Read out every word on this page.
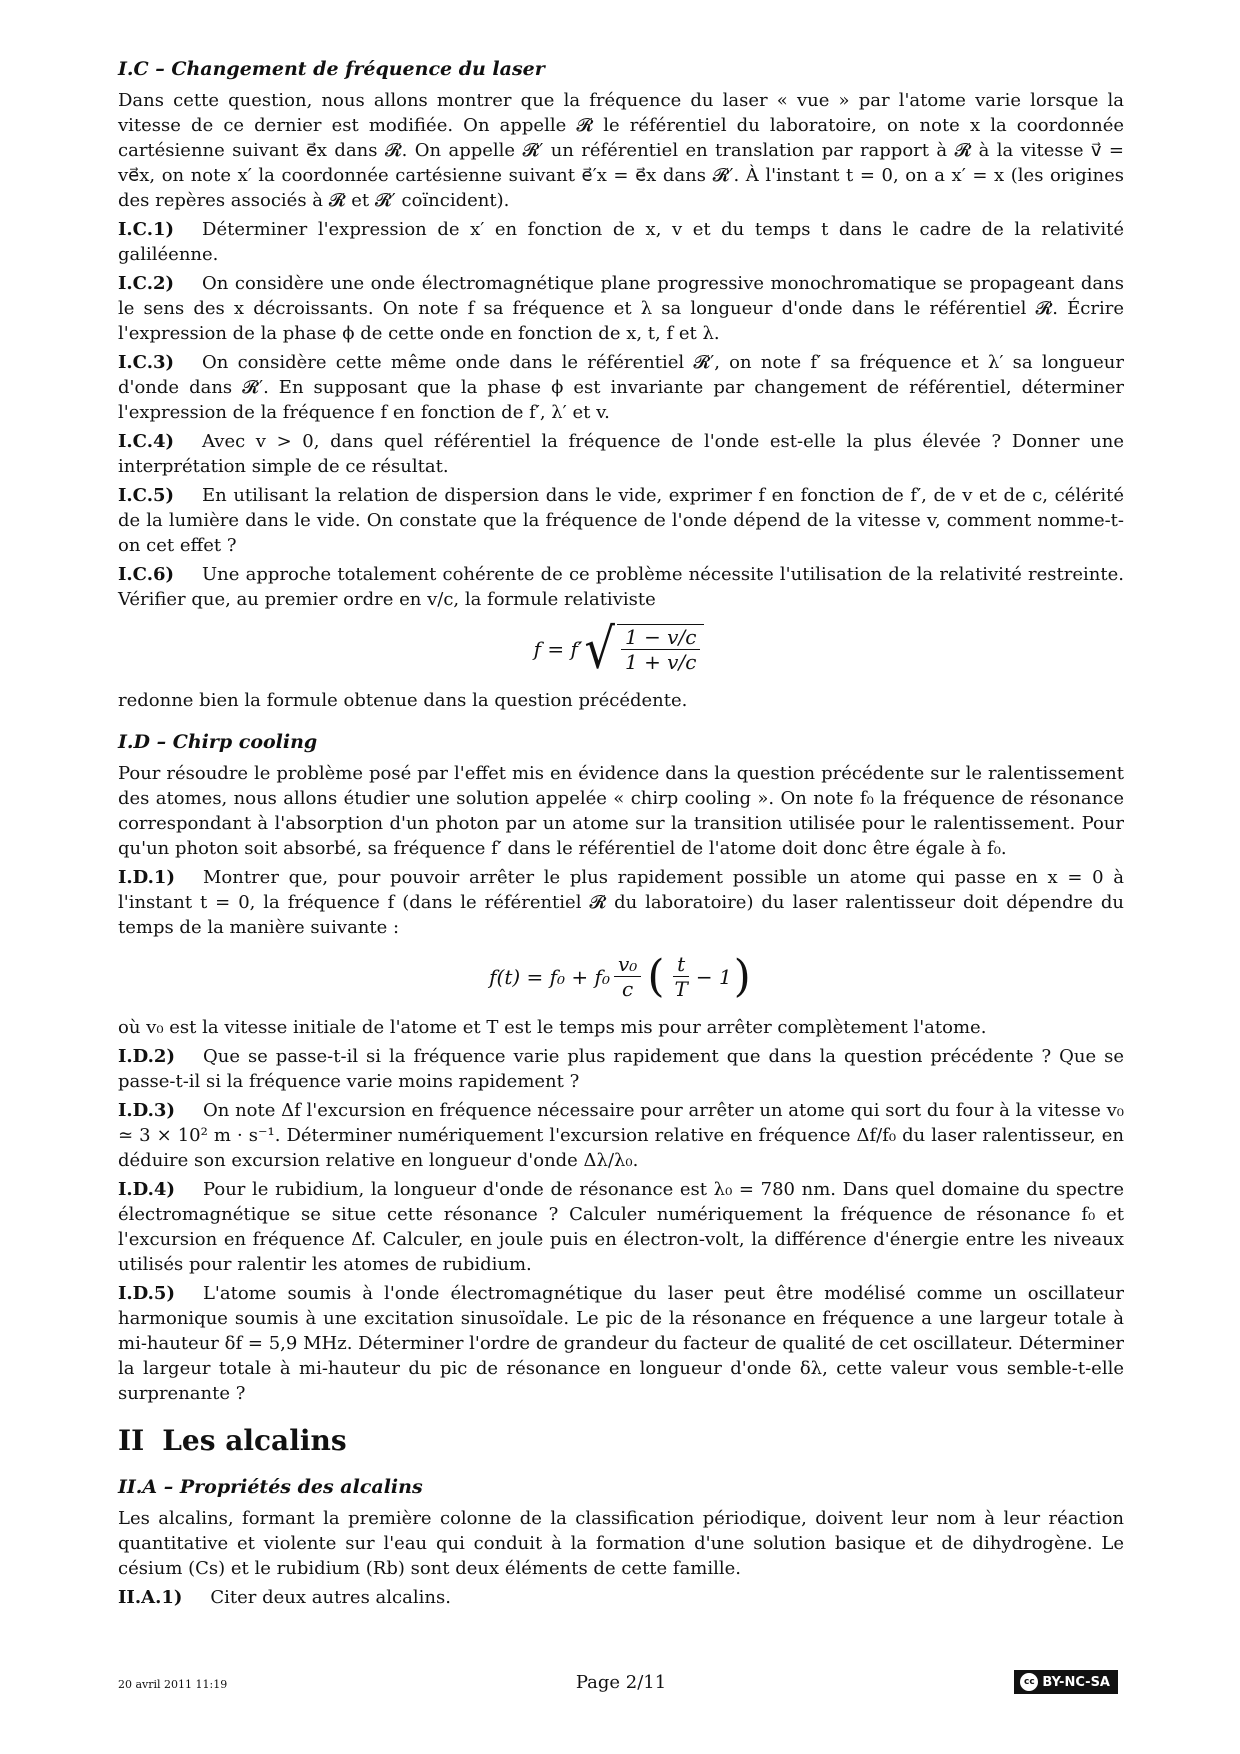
I.C – Changement de fréquence du laser

Dans cette question, nous allons montrer que la fréquence du laser « vue » par l'atome varie lorsque la vitesse de ce dernier est modifiée. On appelle 𝓡 le référentiel du laboratoire, on note x la coordonnée cartésienne suivant e⃗x dans 𝓡. On appelle 𝓡′ un référentiel en translation par rapport à 𝓡 à la vitesse v⃗ = ve⃗x, on note x′ la coordonnée cartésienne suivant e⃗′x = e⃗x dans 𝓡′. À l'instant t = 0, on a x′ = x (les origines des repères associés à 𝓡 et 𝓡′ coïncident).

I.C.1) Déterminer l'expression de x′ en fonction de x, v et du temps t dans le cadre de la relativité galiléenne.

I.C.2) On considère une onde électromagnétique plane progressive monochromatique se propageant dans le sens des x décroissants. On note f sa fréquence et λ sa longueur d'onde dans le référentiel 𝓡. Écrire l'expression de la phase ϕ de cette onde en fonction de x, t, f et λ.

I.C.3) On considère cette même onde dans le référentiel 𝓡′, on note f′ sa fréquence et λ′ sa longueur d'onde dans 𝓡′. En supposant que la phase ϕ est invariante par changement de référentiel, déterminer l'expression de la fréquence f en fonction de f′, λ′ et v.

I.C.4) Avec v > 0, dans quel référentiel la fréquence de l'onde est-elle la plus élevée ? Donner une interprétation simple de ce résultat.

I.C.5) En utilisant la relation de dispersion dans le vide, exprimer f en fonction de f′, de v et de c, célérité de la lumière dans le vide. On constate que la fréquence de l'onde dépend de la vitesse v, comment nomme-t-on cet effet ?

I.C.6) Une approche totalement cohérente de ce problème nécessite l'utilisation de la relativité restreinte. Vérifier que, au premier ordre en v/c, la formule relativiste

f = f′ √ $\frac{1 - v/c}{1 + v/c}$

redonne bien la formule obtenue dans la question précédente.

I.D – Chirp cooling

Pour résoudre le problème posé par l'effet mis en évidence dans la question précédente sur le ralentissement des atomes, nous allons étudier une solution appelée « chirp cooling ». On note f₀ la fréquence de résonance correspondant à l'absorption d'un photon par un atome sur la transition utilisée pour le ralentissement. Pour qu'un photon soit absorbé, sa fréquence f′ dans le référentiel de l'atome doit donc être égale à f₀.

I.D.1) Montrer que, pour pouvoir arrêter le plus rapidement possible un atome qui passe en x = 0 à l'instant t = 0, la fréquence f (dans le référentiel 𝓡 du laboratoire) du laser ralentisseur doit dépendre du temps de la manière suivante :

$f(t) = f_0 + f_0 \frac{\text{v₀}}{c}$ ( $\frac{t}{T} - 1$ )

où v₀ est la vitesse initiale de l'atome et T est le temps mis pour arrêter complètement l'atome.

I.D.2) Que se passe-t-il si la fréquence varie plus rapidement que dans la question précédente ? Que se passe-t-il si la fréquence varie moins rapidement ?

I.D.3) On note Δf l'excursion en fréquence nécessaire pour arrêter un atome qui sort du four à la vitesse v₀ ≃ 3 × 10² m · s⁻¹. Déterminer numériquement l'excursion relative en fréquence Δf/f₀ du laser ralentisseur, en déduire son excursion relative en longueur d'onde Δλ/λ₀.

I.D.4) Pour le rubidium, la longueur d'onde de résonance est λ₀ = 780 nm. Dans quel domaine du spectre électromagnétique se situe cette résonance ? Calculer numériquement la fréquence de résonance f₀ et l'excursion en fréquence Δf. Calculer, en joule puis en électron-volt, la différence d'énergie entre les niveaux utilisés pour ralentir les atomes de rubidium.

I.D.5) L'atome soumis à l'onde électromagnétique du laser peut être modélisé comme un oscillateur harmonique soumis à une excitation sinusoïdale. Le pic de la résonance en fréquence a une largeur totale à mi-hauteur δf = 5,9 MHz. Déterminer l'ordre de grandeur du facteur de qualité de cet oscillateur. Déterminer la largeur totale à mi-hauteur du pic de résonance en longueur d'onde δλ, cette valeur vous semble-t-elle surprenante ?

II Les alcalins
II.A – Propriétés des alcalins

Les alcalins, formant la première colonne de la classification périodique, doivent leur nom à leur réaction quantitative et violente sur l'eau qui conduit à la formation d'une solution basique et de dihydrogène. Le césium (Cs) et le rubidium (Rb) sont deux éléments de cette famille.

II.A.1) Citer deux autres alcalins.

20 avril 2011 11:19	Page 2/11	cc BY-NC-SA
